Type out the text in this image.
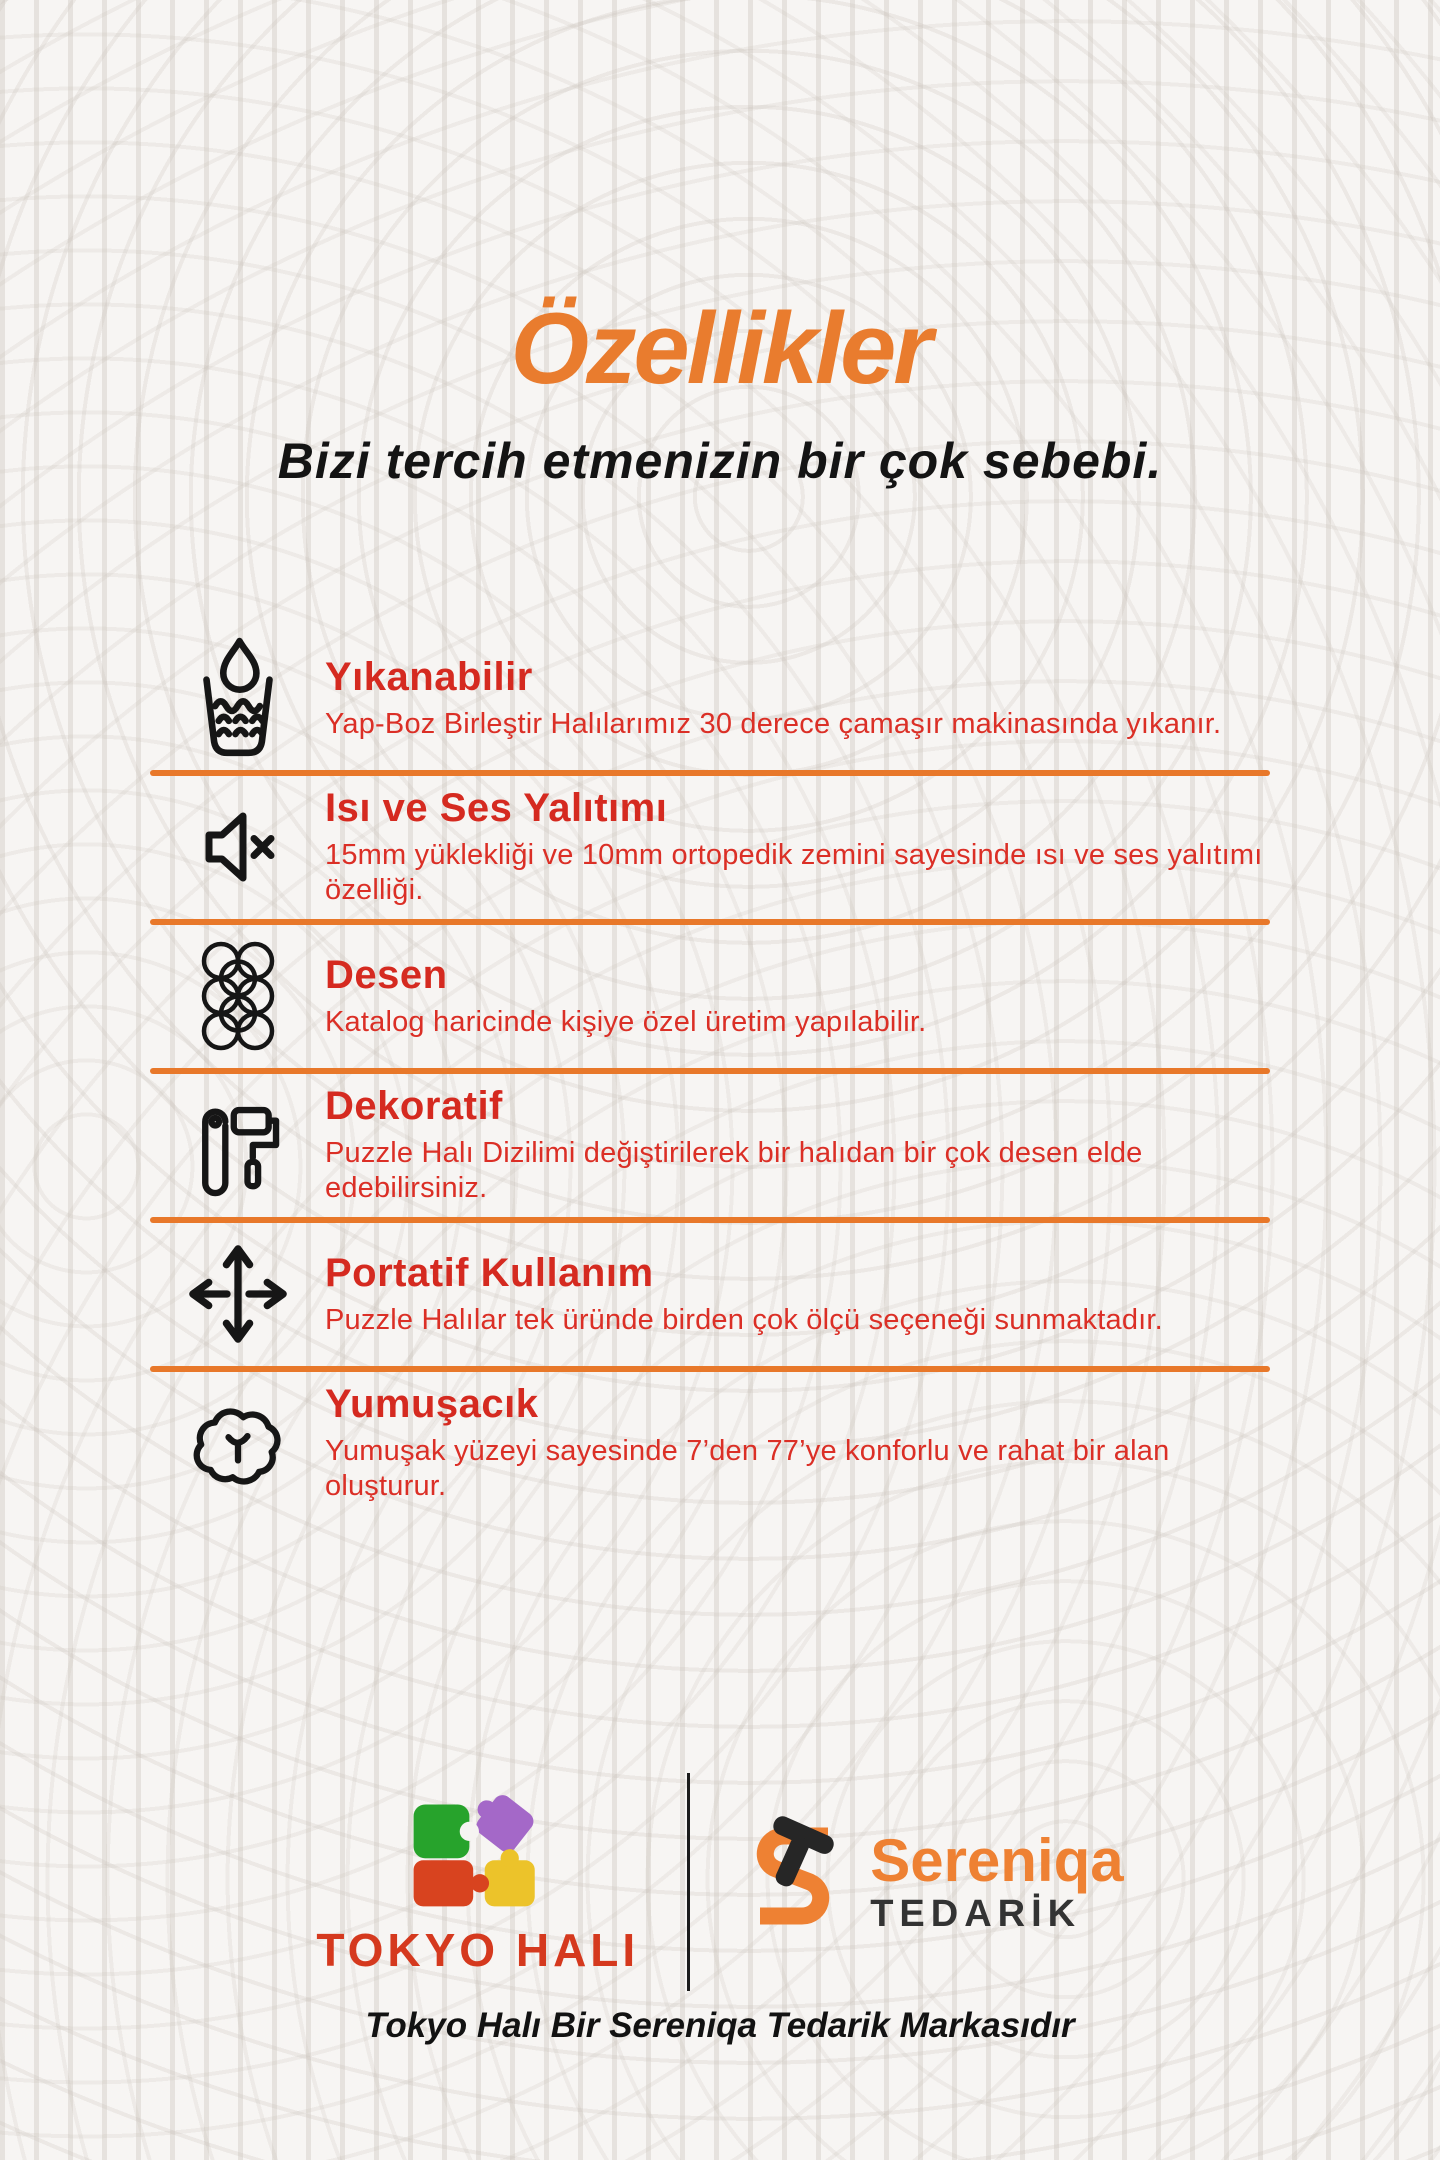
Özellikler
Bizi tercih etmenizin bir çok sebebi.
Yıkanabilir

Yap-Boz Birleştir Halılarımız 30 derece çamaşır makinasında yıkanır.

Isı ve Ses Yalıtımı

15mm yüklekliği ve 10mm ortopedik zemini sayesinde ısı ve ses yalıtımı özelliği.

Desen

Katalog haricinde kişiye özel üretim yapılabilir.

Dekoratif

Puzzle Halı Dizilimi değiştirilerek bir halıdan bir çok desen elde edebilirsiniz.

Portatif Kullanım

Puzzle Halılar tek üründe birden çok ölçü seçeneği sunmaktadır.

Yumuşacık

Yumuşak yüzeyi sayesinde 7’den 77’ye konforlu ve rahat bir alan oluşturur.

TOKYO HALI
Sereniqa
TEDARİK

Tokyo Halı Bir Sereniqa Tedarik Markasıdır
